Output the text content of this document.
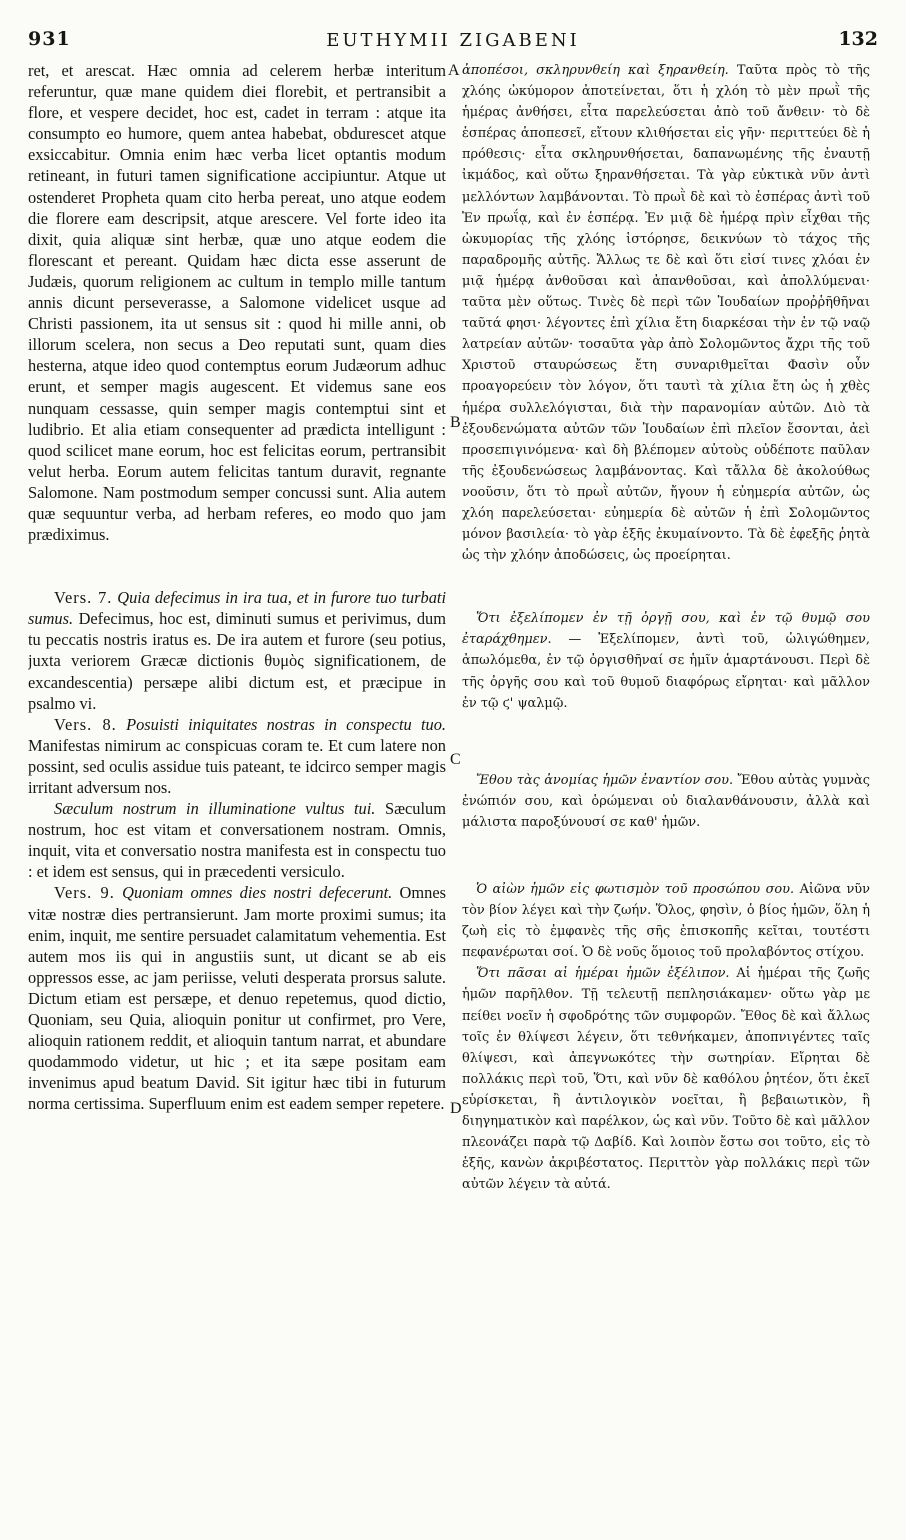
931	EUTHYMII ZIGABENI	132
A
B
C
D

ret, et arescat. Hæc omnia ad celerem herbæ interitum referuntur, quæ mane quidem diei florebit, et pertransibit a flore, et vespere decidet, hoc est, cadet in terram : atque ita consumpto eo humore, quem antea habebat, obdurescet atque exsiccabitur. Omnia enim hæc verba licet optantis modum retineant, in futuri tamen significatione accipiuntur. Atque ut ostenderet Propheta quam cito herba pereat, uno atque eodem die florere eam descripsit, atque arescere. Vel forte ideo ita dixit, quia aliquæ sint herbæ, quæ uno atque eodem die florescant et pereant. Quidam hæc dicta esse asserunt de Judæis, quorum religionem ac cultum in templo mille tantum annis dicunt perseverasse, a Salomone videlicet usque ad Christi passionem, ita ut sensus sit : quod hi mille anni, ob illorum scelera, non secus a Deo reputati sunt, quam dies hesterna, atque ideo quod contemptus eorum Judæorum adhuc erunt, et semper magis augescent. Et videmus sane eos nunquam cessasse, quin semper magis contemptui sint et ludibrio. Et alia etiam consequenter ad prædicta intelligunt : quod scilicet mane eorum, hoc est felicitas eorum, pertransibit velut herba. Eorum autem felicitas tantum duravit, regnante Salomone. Nam postmodum semper concussi sunt. Alia autem quæ sequuntur verba, ad herbam referes, eo modo quo jam prædiximus.

Vers. 7. Quia defecimus in ira tua, et in furore tuo turbati sumus. Defecimus, hoc est, diminuti sumus et perivimus, dum tu peccatis nostris iratus es. De ira autem et furore (seu potius, juxta veriorem Græcæ dictionis θυμὸς significationem, de excandescentia) persæpe alibi dictum est, et præcipue in psalmo vi.

Vers. 8. Posuisti iniquitates nostras in conspectu tuo. Manifestas nimirum ac conspicuas coram te. Et cum latere non possint, sed oculis assidue tuis pateant, te idcirco semper magis irritant adversum nos.

Sæculum nostrum in illuminatione vultus tui. Sæculum nostrum, hoc est vitam et conversationem nostram. Omnis, inquit, vita et conversatio nostra manifesta est in conspectu tuo : et idem est sensus, qui in præcedenti versiculo.

Vers. 9. Quoniam omnes dies nostri defecerunt. Omnes vitæ nostræ dies pertransierunt. Jam morte proximi sumus; ita enim, inquit, me sentire persuadet calamitatum vehementia. Est autem mos iis qui in angustiis sunt, ut dicant se ab eis oppressos esse, ac jam periisse, veluti desperata prorsus salute. Dictum etiam est persæpe, et denuo repetemus, quod dictio, Quoniam, seu Quia, alioquin ponitur ut confirmet, pro Vere, alioquin rationem reddit, et alioquin tantum narrat, et abundare quodammodo videtur, ut hic ; et ita sæpe positam eam invenimus apud beatum David. Sit igitur hæc tibi in futurum norma certissima. Superfluum enim est eadem semper repetere.

ἀποπέσοι, σκληρυνθείη καὶ ξηρανθείη. Ταῦτα πρὸς τὸ τῆς χλόης ὠκύμορον ἀποτείνεται, ὅτι ἡ χλόη τὸ μὲν πρωῒ τῆς ἡμέρας ἀνθήσει, εἶτα παρελεύσεται ἀπὸ τοῦ ἄνθειν· τὸ δὲ ἑσπέρας ἀποπεσεῖ, εἴτουν κλιθήσεται εἰς γῆν· περιττεύει δὲ ἡ πρόθεσις· εἶτα σκληρυνθήσεται, δαπανωμένης τῆς ἐναυτῇ ἰκμάδος, καὶ οὕτω ξηρανθήσεται. Τὰ γὰρ εὐκτικὰ νῦν ἀντὶ μελλόντων λαμβάνονται. Τὸ πρωῒ δὲ καὶ τὸ ἑσπέρας ἀντὶ τοῦ Ἐν πρωΐᾳ, καὶ ἐν ἑσπέρᾳ. Ἐν μιᾷ δὲ ἡμέρᾳ πρὶν εἶχθαι τῆς ὠκυμορίας τῆς χλόης ἱστόρησε, δεικνύων τὸ τάχος τῆς παραδρομῆς αὐτῆς. Ἄλλως τε δὲ καὶ ὅτι εἰσί τινες χλόαι ἐν μιᾷ ἡμέρᾳ ἀνθοῦσαι καὶ ἀπανθοῦσαι, καὶ ἀπολλύμεναι· ταῦτα μὲν οὕτως. Τινὲς δὲ περὶ τῶν Ἰουδαίων προῤῥῆθῆναι ταῦτά φησι· λέγοντες ἐπὶ χίλια ἔτη διαρκέσαι τὴν ἐν τῷ ναῷ λατρείαν αὐτῶν· τοσαῦτα γὰρ ἀπὸ Σολομῶντος ἄχρι τῆς τοῦ Χριστοῦ σταυρώσεως ἔτη συναριθμεῖται Φασὶν οὖν προαγορεύειν τὸν λόγον, ὅτι ταυτὶ τὰ χίλια ἔτη ὡς ἡ χθὲς ἡμέρα συλλελόγισται, διὰ τὴν παρανομίαν αὐτῶν. Διὸ τὰ ἐξουδενώματα αὐτῶν τῶν Ἰουδαίων ἐπὶ πλεῖον ἔσονται, ἀεὶ προσεπιγινόμενα· καὶ δὴ βλέπομεν αὐτοὺς οὐδέποτε παῦλαν τῆς ἐξουδενώσεως λαμβάνοντας. Καὶ τἄλλα δὲ ἀκολούθως νοοῦσιν, ὅτι τὸ πρωῒ αὐτῶν, ἤγουν ἡ εὐημερία αὐτῶν, ὡς χλόη παρελεύσεται· εὐημερία δὲ αὐτῶν ἡ ἐπὶ Σολομῶντος μόνον βασιλεία· τὸ γὰρ ἑξῆς ἐκυμαίνοντο. Τὰ δὲ ἐφεξῆς ῥητὰ ὡς τὴν χλόην ἀποδώσεις, ὡς προείρηται.

Ὅτι ἐξελίπομεν ἐν τῇ ὀργῇ σου, καὶ ἐν τῷ θυμῷ σου ἐταράχθημεν. — Ἐξελίπομεν, ἀντὶ τοῦ, ὠλιγώθημεν, ἀπωλόμεθα, ἐν τῷ ὀργισθῆναί σε ἡμῖν ἁμαρτάνουσι. Περὶ δὲ τῆς ὀργῆς σου καὶ τοῦ θυμοῦ διαφόρως εἴρηται· καὶ μᾶλλον ἐν τῷ ϛ' ψαλμῷ.

Ἔθου τὰς ἀνομίας ἡμῶν ἐναντίον σου. Ἔθου αὐτὰς γυμνὰς ἐνώπιόν σου, καὶ ὁρώμεναι οὐ διαλανθάνουσιν, ἀλλὰ καὶ μάλιστα παροξύνουσί σε καθ' ἡμῶν.

Ὁ αἰὼν ἡμῶν εἰς φωτισμὸν τοῦ προσώπου σου. Αἰῶνα νῦν τὸν βίον λέγει καὶ τὴν ζωήν. Ὅλος, φησὶν, ὁ βίος ἡμῶν, ὅλη ἡ ζωὴ εἰς τὸ ἐμφανὲς τῆς σῆς ἐπισκοπῆς κεῖται, τουτέστι πεφανέρωται σοί. Ὁ δὲ νοῦς ὅμοιος τοῦ προλαβόντος στίχου.

Ὅτι πᾶσαι αἱ ἡμέραι ἡμῶν ἐξέλιπον. Αἱ ἡμέραι τῆς ζωῆς ἡμῶν παρῆλθον. Τῇ τελευτῇ πεπλησιάκαμεν· οὕτω γὰρ με πείθει νοεῖν ἡ σφοδρότης τῶν συμφορῶν. Ἔθος δὲ καὶ ἄλλως τοῖς ἐν θλίψεσι λέγειν, ὅτι τεθνήκαμεν, ἀποπνιγέντες ταῖς θλίψεσι, καὶ ἀπεγνωκότες τὴν σωτηρίαν. Εἴρηται δὲ πολλάκις περὶ τοῦ, Ὅτι, καὶ νῦν δὲ καθόλου ῥητέον, ὅτι ἐκεῖ εὑρίσκεται, ἢ ἀντιλογικὸν νοεῖται, ἢ βεβαιωτικὸν, ἢ διηγηματικὸν καὶ παρέλκον, ὡς καὶ νῦν. Τοῦτο δὲ καὶ μᾶλλον πλεονάζει παρὰ τῷ Δαβίδ. Καὶ λοιπὸν ἔστω σοι τοῦτο, εἰς τὸ ἑξῆς, κανὼν ἀκριβέστατος. Περιττὸν γὰρ πολλάκις περὶ τῶν αὐτῶν λέγειν τὰ αὐτά.
